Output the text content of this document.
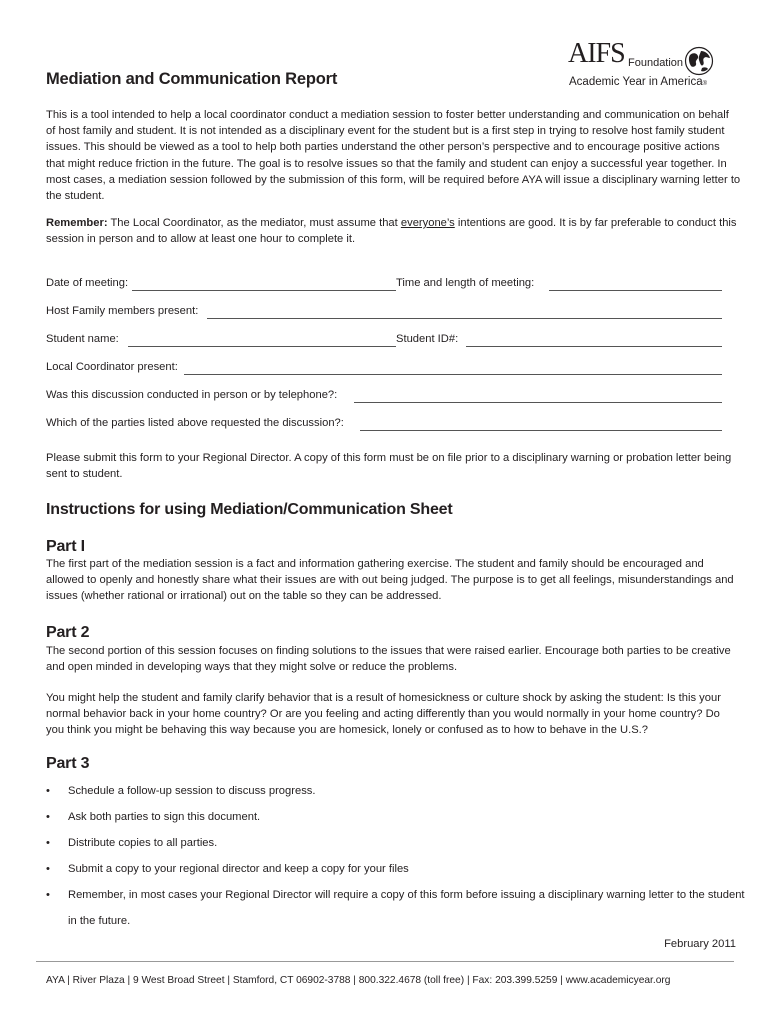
Mediation and Communication Report
AIFS Foundation
Academic Year in America®

This is a tool intended to help a local coordinator conduct a mediation session to foster better understanding and communication on behalf of host family and student. It is not intended as a disciplinary event for the student but is a first step in trying to resolve host family student issues. This should be viewed as a tool to help both parties understand the other person’s perspective and to encourage positive actions that might reduce friction in the future. The goal is to resolve issues so that the family and student can enjoy a successful year together. In most cases, a mediation session followed by the submission of this form, will be required before AYA will issue a disciplinary warning letter to the student.

Remember: The Local Coordinator, as the mediator, must assume that everyone’s intentions are good. It is by far preferable to conduct this session in person and to allow at least one hour to complete it.

Date of meeting:	Time and length of meeting:
Host Family members present:
Student name:	Student ID#:
Local Coordinator present:
Was this discussion conducted in person or by telephone?:
Which of the parties listed above requested the discussion?:

Please submit this form to your Regional Director. A copy of this form must be on file prior to a disciplinary warning or probation letter being sent to student.

Instructions for using Mediation/Communication Sheet
Part I

The first part of the mediation session is a fact and information gathering exercise. The student and family should be encouraged and allowed to openly and honestly share what their issues are with out being judged. The purpose is to get all feelings, misunderstandings and issues (whether rational or irrational) out on the table so they can be addressed.

Part 2

The second portion of this session focuses on finding solutions to the issues that were raised earlier. Encourage both parties to be creative and open minded in developing ways that they might solve or reduce the problems.

You might help the student and family clarify behavior that is a result of homesickness or culture shock by asking the student: Is this your normal behavior back in your home country? Or are you feeling and acting differently than you would normally in your home country? Do you think you might be behaving this way because you are homesick, lonely or confused as to how to behave in the U.S.?

Part 3
• Schedule a follow-up session to discuss progress.
• Ask both parties to sign this document.
• Distribute copies to all parties.
• Submit a copy to your regional director and keep a copy for your files
• Remember, in most cases your Regional Director will require a copy of this form before issuing a disciplinary warning letter to the student in the future.
February 2011
AYA | River Plaza | 9 West Broad Street | Stamford, CT 06902-3788 | 800.322.4678 (toll free) | Fax: 203.399.5259 | www.academicyear.org
